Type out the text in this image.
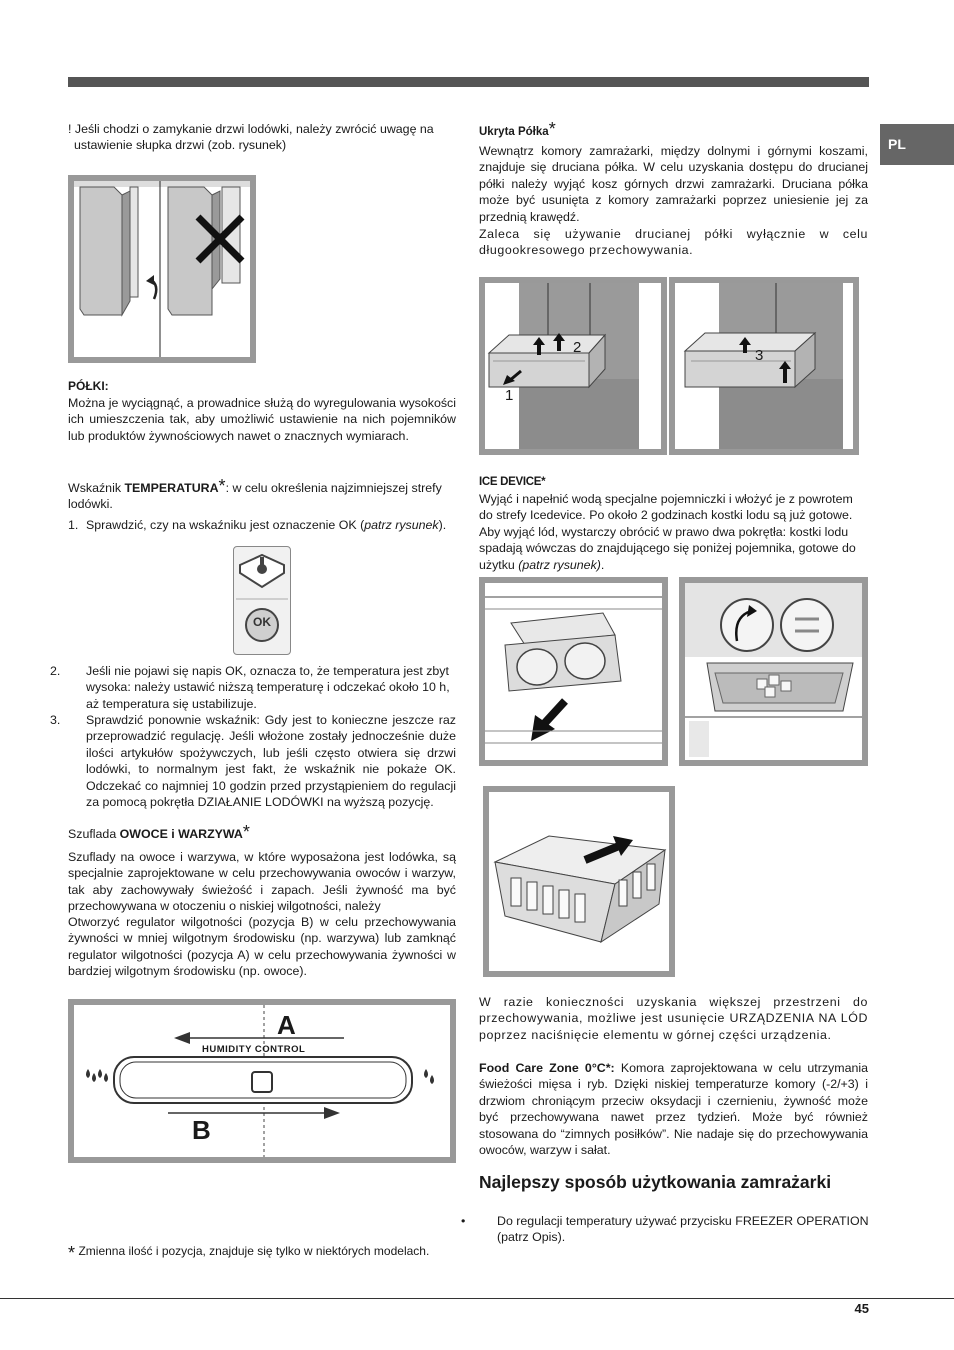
PL
! Jeśli chodzi o zamykanie drzwi lodówki, należy zwrócić uwagę na ustawienie słupka drzwi (zob. rysunek)
PÓŁKI:
Można je wyciągnąć, a prowadnice służą do wyregulowania wysokości ich umieszczenia tak, aby umożliwić ustawienie na nich pojemników lub produktów żywnościowych nawet o znacznych wymiarach.
Wskaźnik TEMPERATURA*: w celu określenia najzimniejszej strefy lodówki.
1. Sprawdzić, czy na wskaźniku jest oznaczenie OK (patrz rysunek).
OK
2. Jeśli nie pojawi się napis OK, oznacza to, że temperatura jest zbyt wysoka: należy ustawić niższą temperaturę i odczekać około 10 h, aż temperatura się ustabilizuje.
3. Sprawdzić ponownie wskaźnik: Gdy jest to konieczne jeszcze raz przeprowadzić regulację. Jeśli włożone zostały jednocześnie duże ilości artykułów spożywczych, lub jeśli często otwiera się drzwi lodówki, to normalnym jest fakt, że wskaźnik nie pokaże OK. Odczekać co najmniej 10 godzin przed przystąpieniem do regulacji za pomocą pokrętła DZIAŁANIE LODÓWKI na wyższą pozycję.
Szuflada OWOCE i WARZYWA*
Szuflady na owoce i warzywa, w które wyposażona jest lodówka, są specjalnie zaprojektowane w celu przechowywania owoców i warzyw, tak aby zachowywały świeżość i zapach. Jeśli żywność ma być przechowywana w otoczeniu o niskiej wilgotności, należy
Otworzyć regulator wilgotności (pozycja B) w celu przechowywania żywności w mniej wilgotnym środowisku (np. warzywa) lub zamknąć regulator wilgotności (pozycja A) w celu przechowywania żywności w bardziej wilgotnym środowisku (np. owoce).
HUMIDITY CONTROL
A
B
* Zmienna ilość i pozycja, znajduje się tylko w niektórych modelach.
Ukryta Półka*
Wewnątrz komory zamrażarki, między dolnymi i górnymi koszami, znajduje się druciana półka. W celu uzyskania dostępu do drucianej półki należy wyjąć kosz górnych drzwi zamrażarki. Druciana półka może być usunięta z komory zamrażarki poprzez uniesienie jej za przednią krawędź.
Zaleca się używanie drucianej półki wyłącznie w celu długookresowego przechowywania.
2
1
3
ICE DEVICE*
Wyjąć i napełnić wodą specjalne pojemniczki i włożyć je z powrotem do strefy Icedevice. Po około 2 godzinach kostki lodu są już gotowe. Aby wyjąć lód, wystarczy obrócić w prawo dwa pokrętła: kostki lodu spadają wówczas do znajdującego się poniżej pojemnika, gotowe do użytku (patrz rysunek).
W razie konieczności uzyskania większej przestrzeni do przechowywania, możliwe jest usunięcie URZĄDZENIA NA LÓD poprzez naciśnięcie elementu w górnej części urządzenia.
Food Care Zone 0°C*: Komora zaprojektowana w celu utrzymania świeżości mięsa i ryb. Dzięki niskiej temperaturze komory (-2/+3) i drzwiom chroniącym przeciw oksydacji i czernieniu, żywność może być przechowywana nawet przez tydzień. Może być również stosowana do “zimnych posiłków”. Nie nadaje się do przechowywania owoców, warzyw i sałat.
Najlepszy sposób użytkowania zamrażarki
•	Do regulacji temperatury używać przycisku FREEZER OPERATION (patrz Opis).
45
